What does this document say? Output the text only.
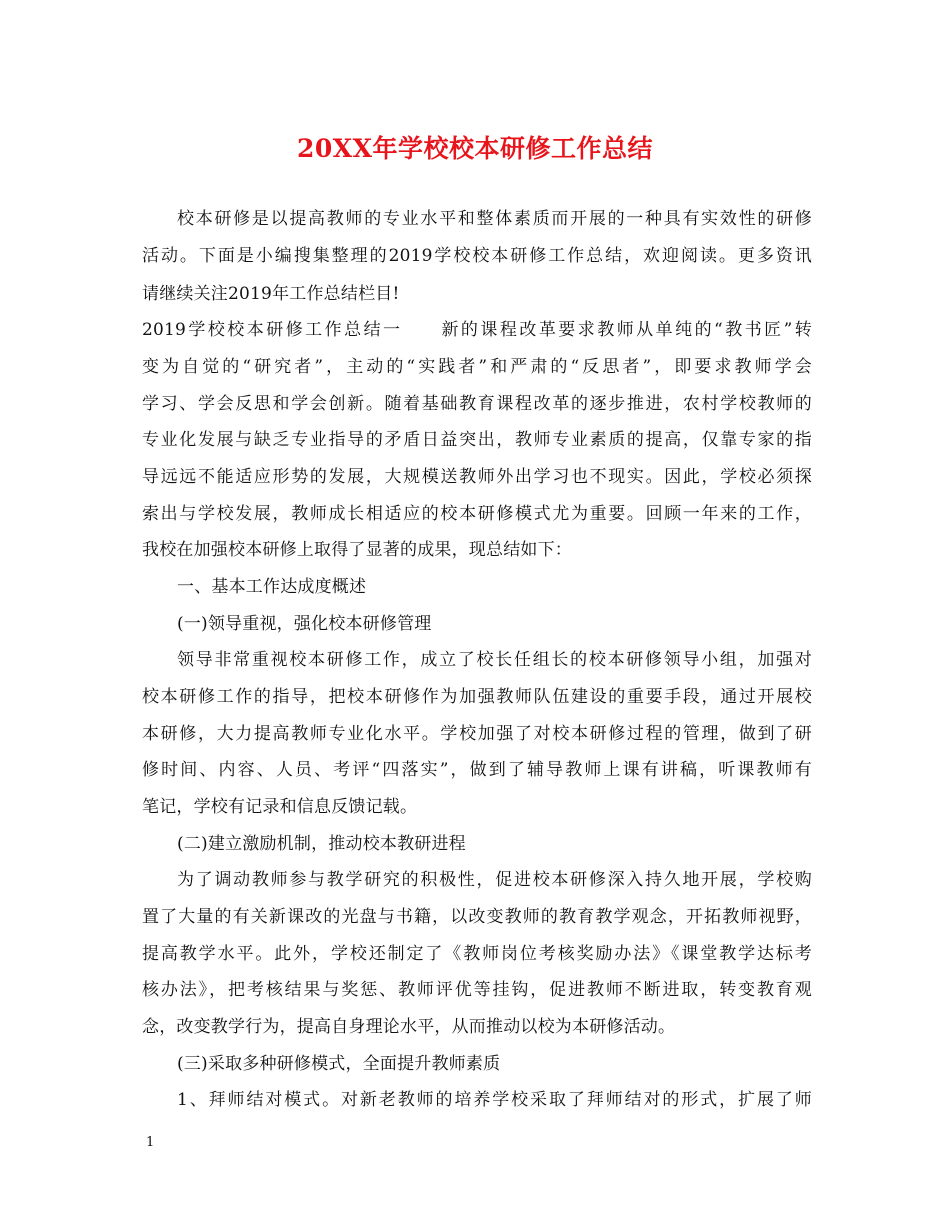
20XX年学校校本研修工作总结
校本研修是以提高教师的专业水平和整体素质而开展的一种具有实效性的研修
活动。下面是小编搜集整理的2019学校校本研修工作总结，欢迎阅读。更多资讯
请继续关注2019年工作总结栏目!
2019学校校本研修工作总结一　　新的课程改革要求教师从单纯的“教书匠”转
变为自觉的“研究者”，主动的“实践者”和严肃的“反思者”，即要求教师学会
学习、学会反思和学会创新。随着基础教育课程改革的逐步推进，农村学校教师的
专业化发展与缺乏专业指导的矛盾日益突出，教师专业素质的提高，仅靠专家的指
导远远不能适应形势的发展，大规模送教师外出学习也不现实。因此，学校必须探
索出与学校发展，教师成长相适应的校本研修模式尤为重要。回顾一年来的工作，
我校在加强校本研修上取得了显著的成果，现总结如下：
一、基本工作达成度概述
(一)领导重视，强化校本研修管理
领导非常重视校本研修工作，成立了校长任组长的校本研修领导小组，加强对
校本研修工作的指导，把校本研修作为加强教师队伍建设的重要手段，通过开展校
本研修，大力提高教师专业化水平。学校加强了对校本研修过程的管理，做到了研
修时间、内容、人员、考评“四落实”，做到了辅导教师上课有讲稿，听课教师有
笔记，学校有记录和信息反馈记载。
(二)建立激励机制，推动校本教研进程
为了调动教师参与教学研究的积极性，促进校本研修深入持久地开展，学校购
置了大量的有关新课改的光盘与书籍，以改变教师的教育教学观念，开拓教师视野，
提高教学水平。此外，学校还制定了《教师岗位考核奖励办法》《课堂教学达标考
核办法》，把考核结果与奖惩、教师评优等挂钩，促进教师不断进取，转变教育观
念，改变教学行为，提高自身理论水平，从而推动以校为本研修活动。
(三)采取多种研修模式，全面提升教师素质
1、拜师结对模式。对新老教师的培养学校采取了拜师结对的形式，扩展了师
1
